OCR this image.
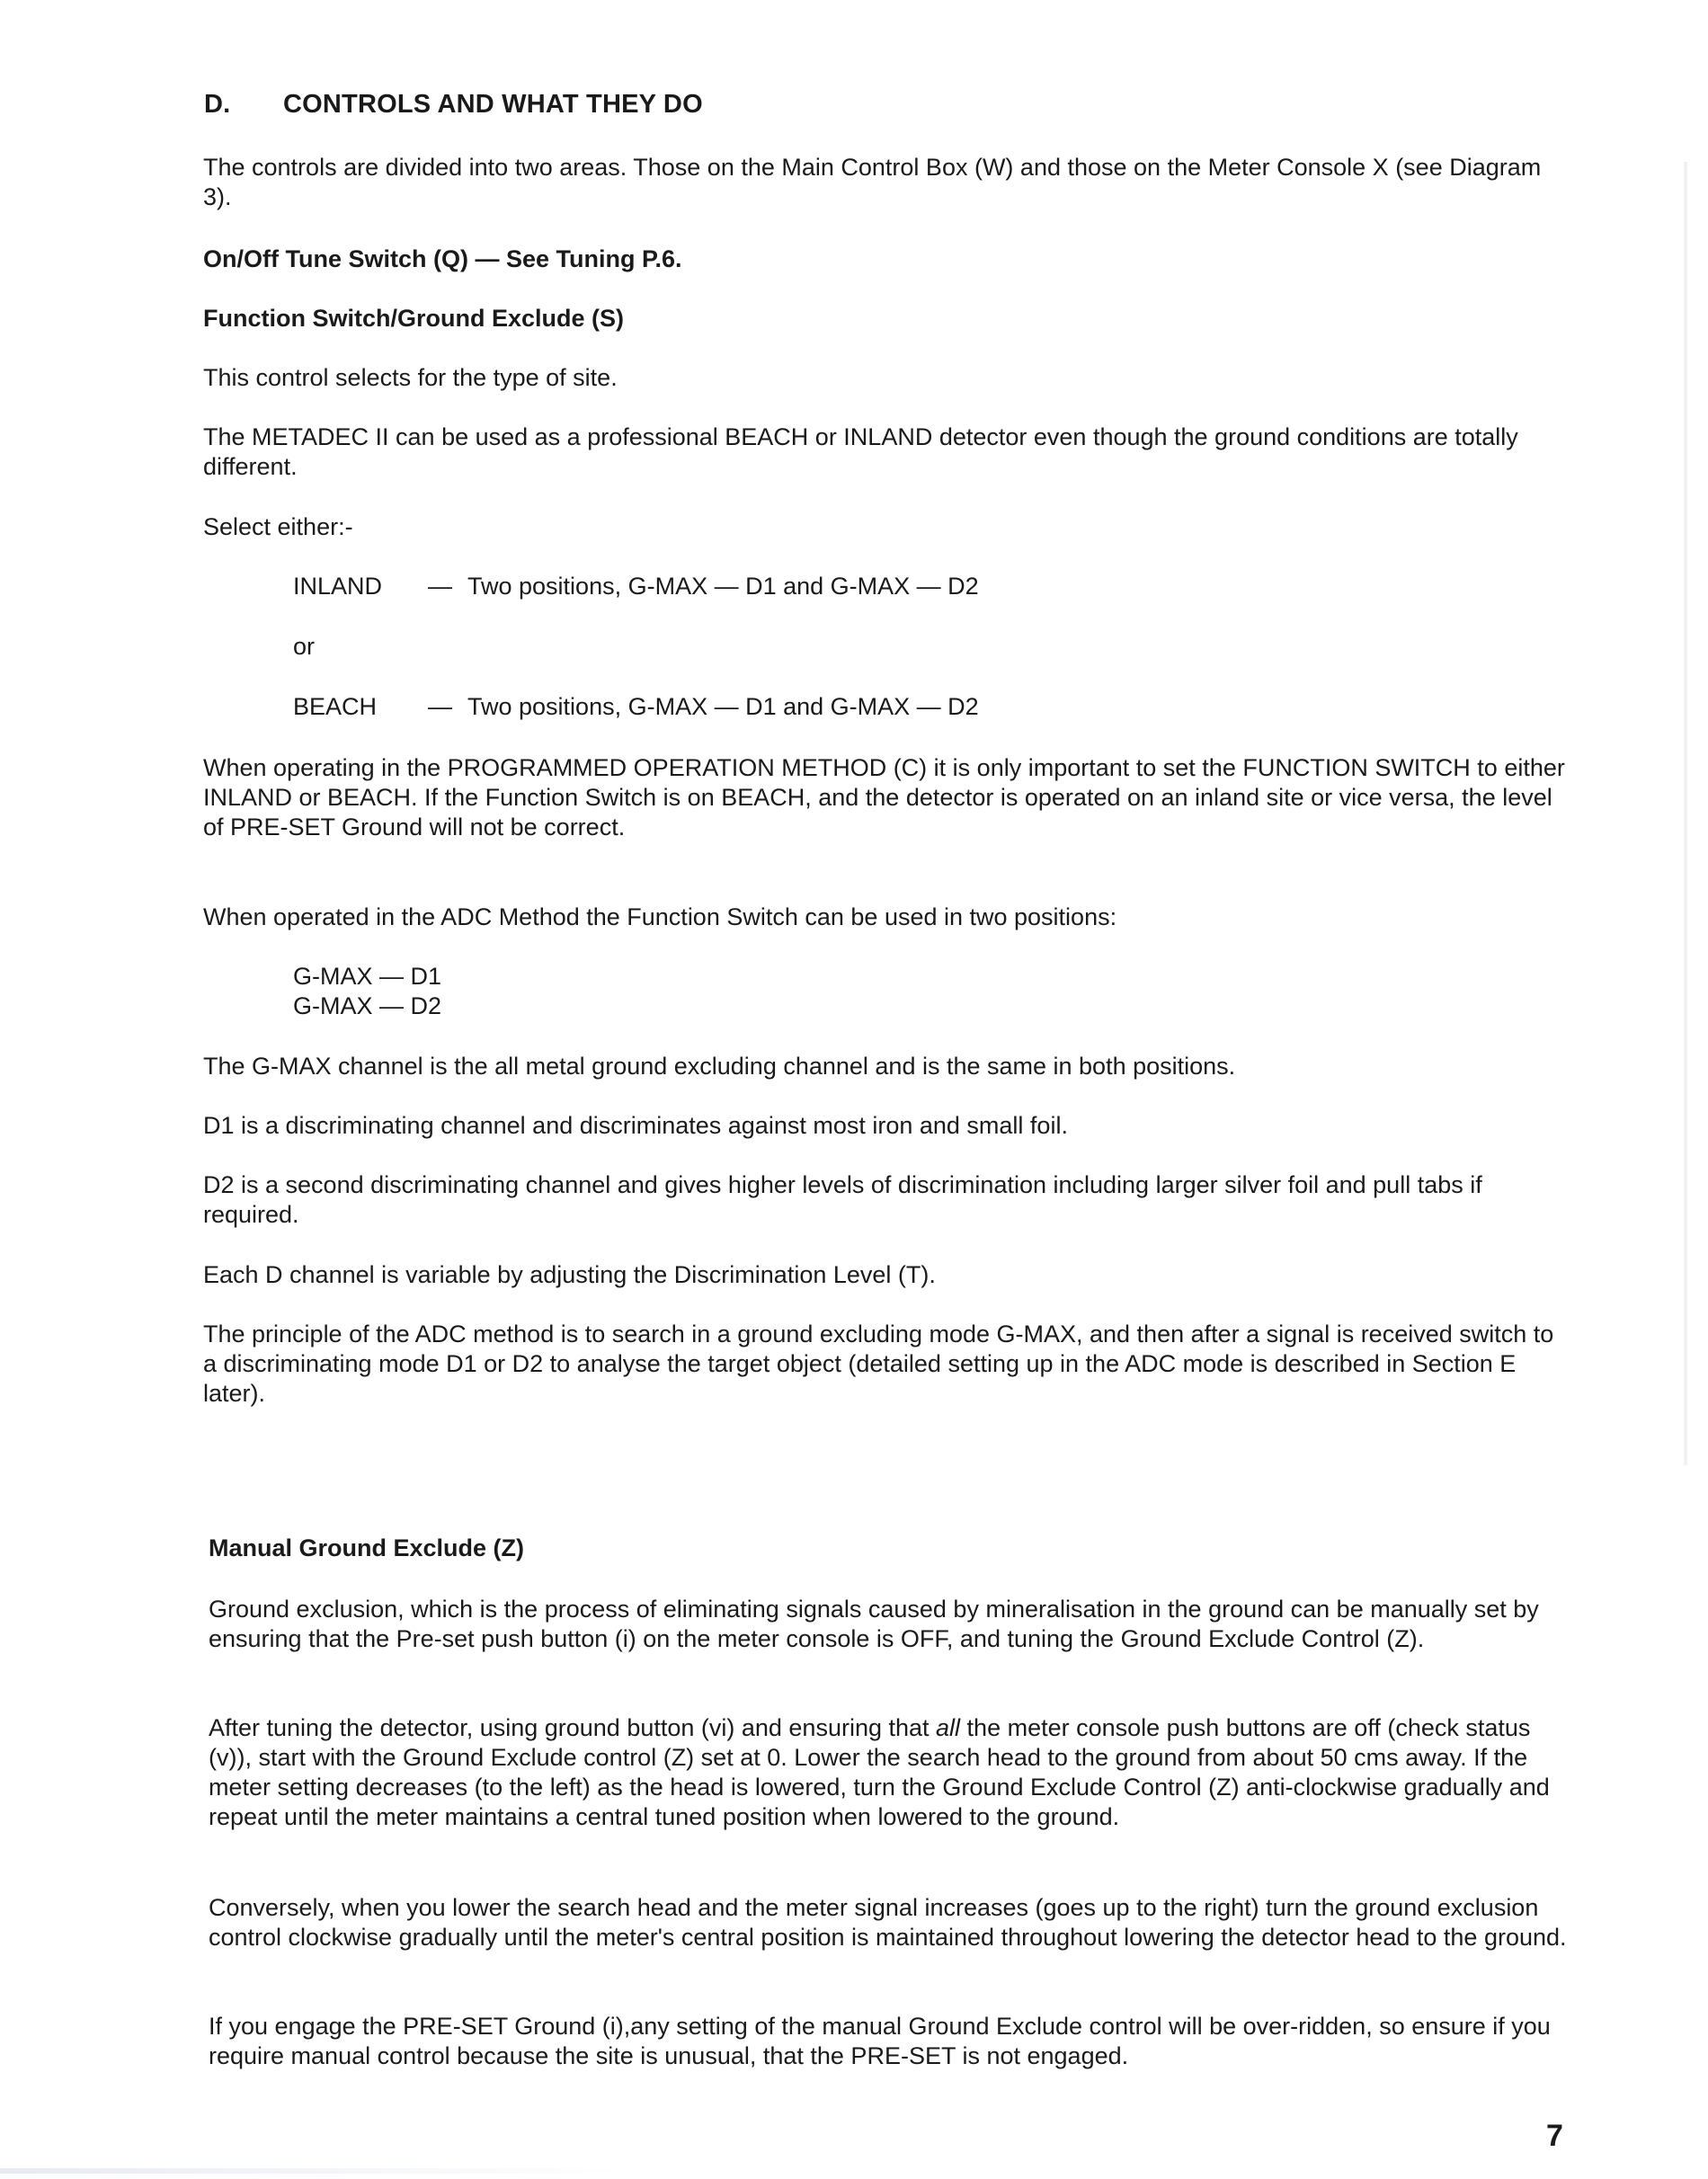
D. CONTROLS AND WHAT THEY DO

The controls are divided into two areas. Those on the Main Control Box (W) and those on the Meter Console X (see Diagram 3).

On/Off Tune Switch (Q) — See Tuning P.6.

Function Switch/Ground Exclude (S)

This control selects for the type of site.

The METADEC II can be used as a professional BEACH or INLAND detector even though the ground conditions are totally different.

Select either:-

INLAND — Two positions, G-MAX — D1 and G-MAX — D2

or

BEACH — Two positions, G-MAX — D1 and G-MAX — D2

When operating in the PROGRAMMED OPERATION METHOD (C) it is only important to set the FUNCTION SWITCH to either INLAND or BEACH. If the Function Switch is on BEACH, and the detector is operated on an inland site or vice versa, the level of PRE-SET Ground will not be correct.

When operated in the ADC Method the Function Switch can be used in two positions:

G-MAX — D1

G-MAX — D2

The G-MAX channel is the all metal ground excluding channel and is the same in both positions.

D1 is a discriminating channel and discriminates against most iron and small foil.

D2 is a second discriminating channel and gives higher levels of discrimination including larger silver foil and pull tabs if required.

Each D channel is variable by adjusting the Discrimination Level (T).

The principle of the ADC method is to search in a ground excluding mode G-MAX, and then after a signal is received switch to a discriminating mode D1 or D2 to analyse the target object (detailed setting up in the ADC mode is described in Section E later).

Manual Ground Exclude (Z)

Ground exclusion, which is the process of eliminating signals caused by mineralisation in the ground can be manually set by ensuring that the Pre-set push button (i) on the meter console is OFF, and tuning the Ground Exclude Control (Z).

After tuning the detector, using ground button (vi) and ensuring that all the meter console push buttons are off (check status (v)), start with the Ground Exclude control (Z) set at 0. Lower the search head to the ground from about 50 cms away. If the meter setting decreases (to the left) as the head is lowered, turn the Ground Exclude Control (Z) anti-clockwise gradually and repeat until the meter maintains a central tuned position when lowered to the ground.

Conversely, when you lower the search head and the meter signal increases (goes up to the right) turn the ground exclusion control clockwise gradually until the meter's central position is maintained throughout lowering the detector head to the ground.

If you engage the PRE-SET Ground (i),any setting of the manual Ground Exclude control will be over-ridden, so ensure if you require manual control because the site is unusual, that the PRE-SET is not engaged.

7
